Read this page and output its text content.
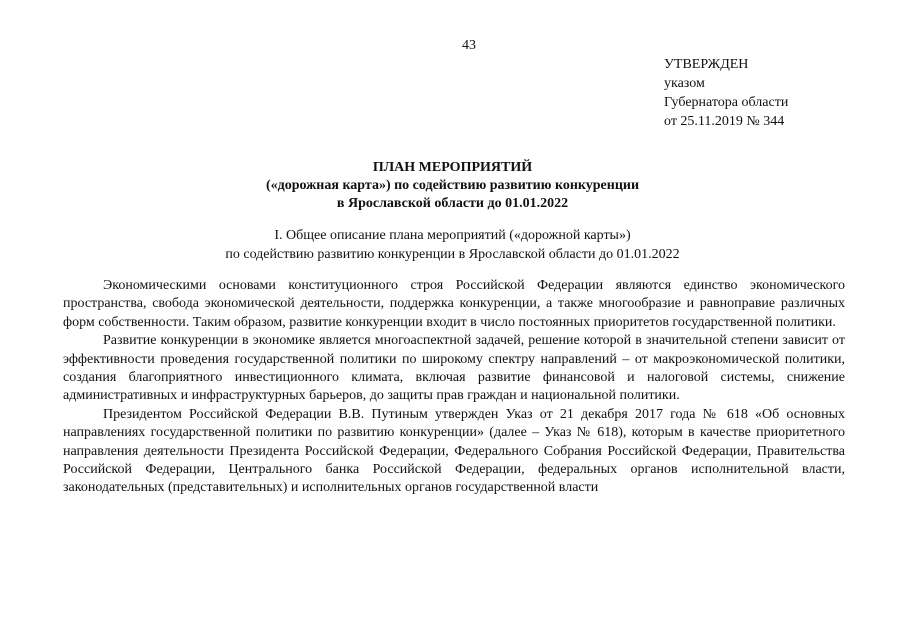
43
УТВЕРЖДЕН
указом
Губернатора области
от 25.11.2019 № 344
ПЛАН МЕРОПРИЯТИЙ
(«дорожная карта») по содействию развитию конкуренции
в Ярославской области до 01.01.2022
I. Общее описание плана мероприятий («дорожной карты»)
по содействию развитию конкуренции в Ярославской области до 01.01.2022

Экономическими основами конституционного строя Российской Федерации являются единство экономического пространства, свобода экономической деятельности, поддержка конкуренции, а также многообразие и равноправие различных форм собственности. Таким образом, развитие конкуренции входит в число постоянных приоритетов государственной политики.

Развитие конкуренции в экономике является многоаспектной задачей, решение которой в значительной степени зависит от эффективности проведения государственной политики по широкому спектру направлений – от макроэкономической политики, создания благоприятного инвестиционного климата, включая развитие финансовой и налоговой системы, снижение административных и инфраструктурных барьеров, до защиты прав граждан и национальной политики.

Президентом Российской Федерации В.В. Путиным утвержден Указ от 21 декабря 2017 года № 618 «Об основных направлениях государственной политики по развитию конкуренции» (далее – Указ № 618), которым в качестве приоритетного направления деятельности Президента Российской Федерации, Федерального Собрания Российской Федерации, Правительства Российской Федерации, Центрального банка Российской Федерации, федеральных органов исполнительной власти, законодательных (представительных) и исполнительных органов государственной власти
